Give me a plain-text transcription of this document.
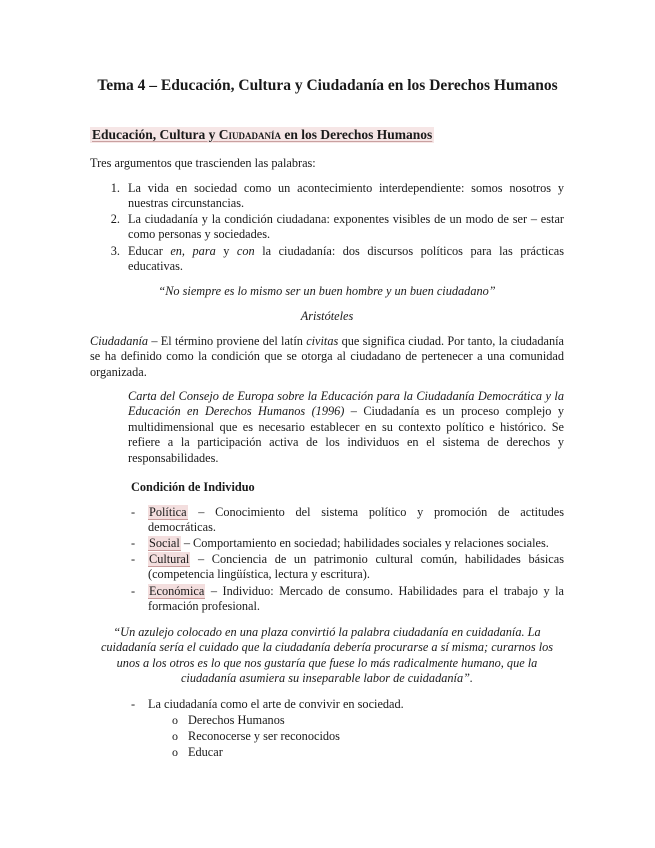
Tema 4 – Educación, Cultura y Ciudadanía en los Derechos Humanos
Educación, Cultura y Ciudadanía en los Derechos Humanos
Tres argumentos que trascienden las palabras:
1. La vida en sociedad como un acontecimiento interdependiente: somos nosotros y nuestras circunstancias.
2. La ciudadanía y la condición ciudadana: exponentes visibles de un modo de ser – estar como personas y sociedades.
3. Educar en, para y con la ciudadanía: dos discursos políticos para las prácticas educativas.
“No siempre es lo mismo ser un buen hombre y un buen ciudadano”
Aristóteles
Ciudadanía – El término proviene del latín civitas que significa ciudad. Por tanto, la ciudadanía se ha definido como la condición que se otorga al ciudadano de pertenecer a una comunidad organizada.
Carta del Consejo de Europa sobre la Educación para la Ciudadanía Democrática y la Educación en Derechos Humanos (1996) – Ciudadanía es un proceso complejo y multidimensional que es necesario establecer en su contexto político e histórico. Se refiere a la participación activa de los individuos en el sistema de derechos y responsabilidades.
Condición de Individuo
- Política – Conocimiento del sistema político y promoción de actitudes democráticas.
- Social – Comportamiento en sociedad; habilidades sociales y relaciones sociales.
- Cultural – Conciencia de un patrimonio cultural común, habilidades básicas (competencia lingüística, lectura y escritura).
- Económica – Individuo: Mercado de consumo. Habilidades para el trabajo y la formación profesional.
“Un azulejo colocado en una plaza convirtió la palabra ciudadanía en cuidadanía. La cuidadanía sería el cuidado que la ciudadanía debería procurarse a sí misma; curarnos los unos a los otros es lo que nos gustaría que fuese lo más radicalmente humano, que la ciudadanía asumiera su inseparable labor de cuidadanía”.
- La ciudadanía como el arte de convivir en sociedad.
o Derechos Humanos
o Reconocerse y ser reconocidos
o Educar
